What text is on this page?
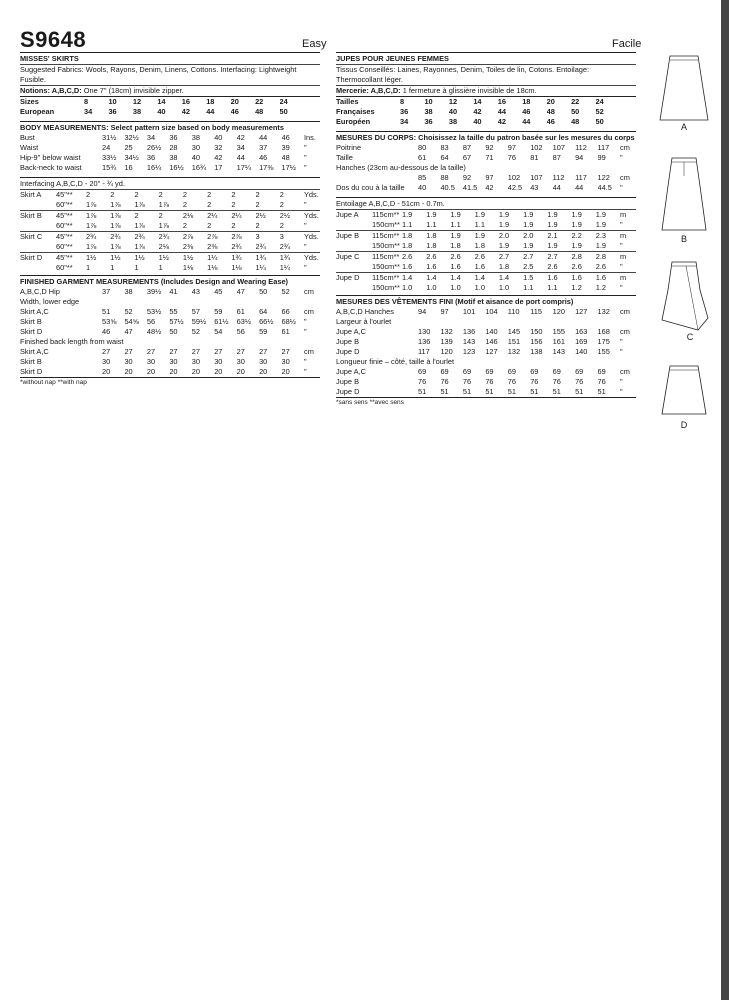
S9648	Easy	Facile

MISSES' SKIRTS

Suggested Fabrics: Wools, Rayons, Denim, Linens, Cottons. Interfacing: Lightweight Fusible.

Notions: A,B,C,D: One 7" (18cm) invisible zipper.

Sizes	8	10	12	14	16	18	20	22	24	
European	34	36	38	40	42	44	46	48	50	

BODY MEASUREMENTS: Select pattern size based on body measurements

Bust	31½	32½	34	36	38	40	42	44	46	Ins.
Waist	24	25	26½	28	30	32	34	37	39	"
Hip-9" below waist	33½	34½	36	38	40	42	44	46	48	"
Back-neck to waist	15¾	16	16¼	16½	16¾	17	17¼	17⅜	17½	"

Interfacing A,B,C,D - 20" - ¾ yd.

Skirt A	45"**	2	2	2	2	2	2	2	2	2	Yds.
	60"**	1⅞	1⅞	1⅞	1⅞	2	2	2	2	2	"
Skirt B	45"**	1⅞	1⅞	2	2	2⅛	2¼	2¼	2½	2½	Yds.
	60"**	1⅞	1⅞	1⅞	1⅞	2	2	2	2	2	"
Skirt C	45"**	2¾	2¾	2¾	2¾	2⅞	2⅞	2⅞	3	3	Yds.
	60"**	1⅞	1⅞	1⅞	2⅛	2⅜	2⅜	2¾	2¾	2¾	"
Skirt D	45"**	1½	1½	1½	1½	1½	1¼	1¾	1¾	1¾	Yds.
	60"**	1	1	1	1	1⅛	1⅛	1⅛	1¼	1¼	"

FINISHED GARMENT MEASUREMENTS (Includes Design and Wearing Ease)

A,B,C,D Hip	37	38	39½	41	43	45	47	50	52	cm
Width, lower edge										
Skirt A,C	51	52	53½	55	57	59	61	64	66	cm
Skirt B	53⅝	54⅝	56	57½	59½	61½	63½	66½	68½	"
Skirt D	46	47	48½	50	52	54	56	59	61	"
Finished back length from waist										
Skirt A,C	27	27	27	27	27	27	27	27	27	cm
Skirt B	30	30	30	30	30	30	30	30	30	"
Skirt D	20	20	20	20	20	20	20	20	20	"

*without nap **with nap

JUPES POUR JEUNES FEMMES

Tissus Conseillés: Laines, Rayonnes, Denim, Toiles de lin, Cotons. Entoilage: Thermocollant léger.

Mercerie: A,B,C,D: 1 fermeture à glissière invisible de 18cm.

Tailles	8	10	12	14	16	18	20	22	24	
Françaises	36	38	40	42	44	46	48	50	52	
Européen	34	36	38	40	42	44	46	48	50	

MESURES DU CORPS: Choisissez la taille du patron basée sur les mesures du corps

Poitrine	80	83	87	92	97	102	107	112	117	cm
Taille	61	64	67	71	76	81	87	94	99	"
Hanches (23cm au-dessous de la taille)										
	85	88	92	97	102	107	112	117	122	cm
Dos du cou à la taille	40	40.5	41.5	42	42.5	43	44	44	44.5	"

Entoilage A,B,C,D - 51cm - 0.7m.

Jupe A	115cm**	1.9	1.9	1.9	1.9	1.9	1.9	1.9	1.9	1.9	m
	150cm**	1.1	1.1	1.1	1.1	1.9	1.9	1.9	1.9	1.9	"
Jupe B	115cm**	1.8	1.8	1.9	1.9	2.0	2.0	2.1	2.2	2.3	m
	150cm**	1.8	1.8	1.8	1.8	1.9	1.9	1.9	1.9	1.9	"
Jupe C	115cm**	2.6	2.6	2.6	2.6	2.7	2.7	2.7	2.8	2.8	m
	150cm**	1.6	1.6	1.6	1.6	1.8	2.5	2.6	2.6	2.6	"
Jupe D	115cm**	1.4	1.4	1.4	1.4	1.4	1.5	1.6	1.6	1.6	m
	150cm**	1.0	1.0	1.0	1.0	1.0	1.1	1.1	1.2	1.2	"

MESURES DES VÊTEMENTS FINI (Motif et aisance de port compris)

A,B,C,D Hanches	94	97	101	104	110	115	120	127	132	cm
Largeur à l'ourlet										
Jupe A,C	130	132	136	140	145	150	155	163	168	cm
Jupe B	136	139	143	146	151	156	161	169	175	"
Jupe D	117	120	123	127	132	138	143	140	155	"
Longueur finie – côté, taille à l'ourlet										
Jupe A,C	69	69	69	69	69	69	69	69	69	cm
Jupe B	76	76	76	76	76	76	76	76	76	"
Jupe D	51	51	51	51	51	51	51	51	51	"

*sans sens **avec sens

A
B
C
D
